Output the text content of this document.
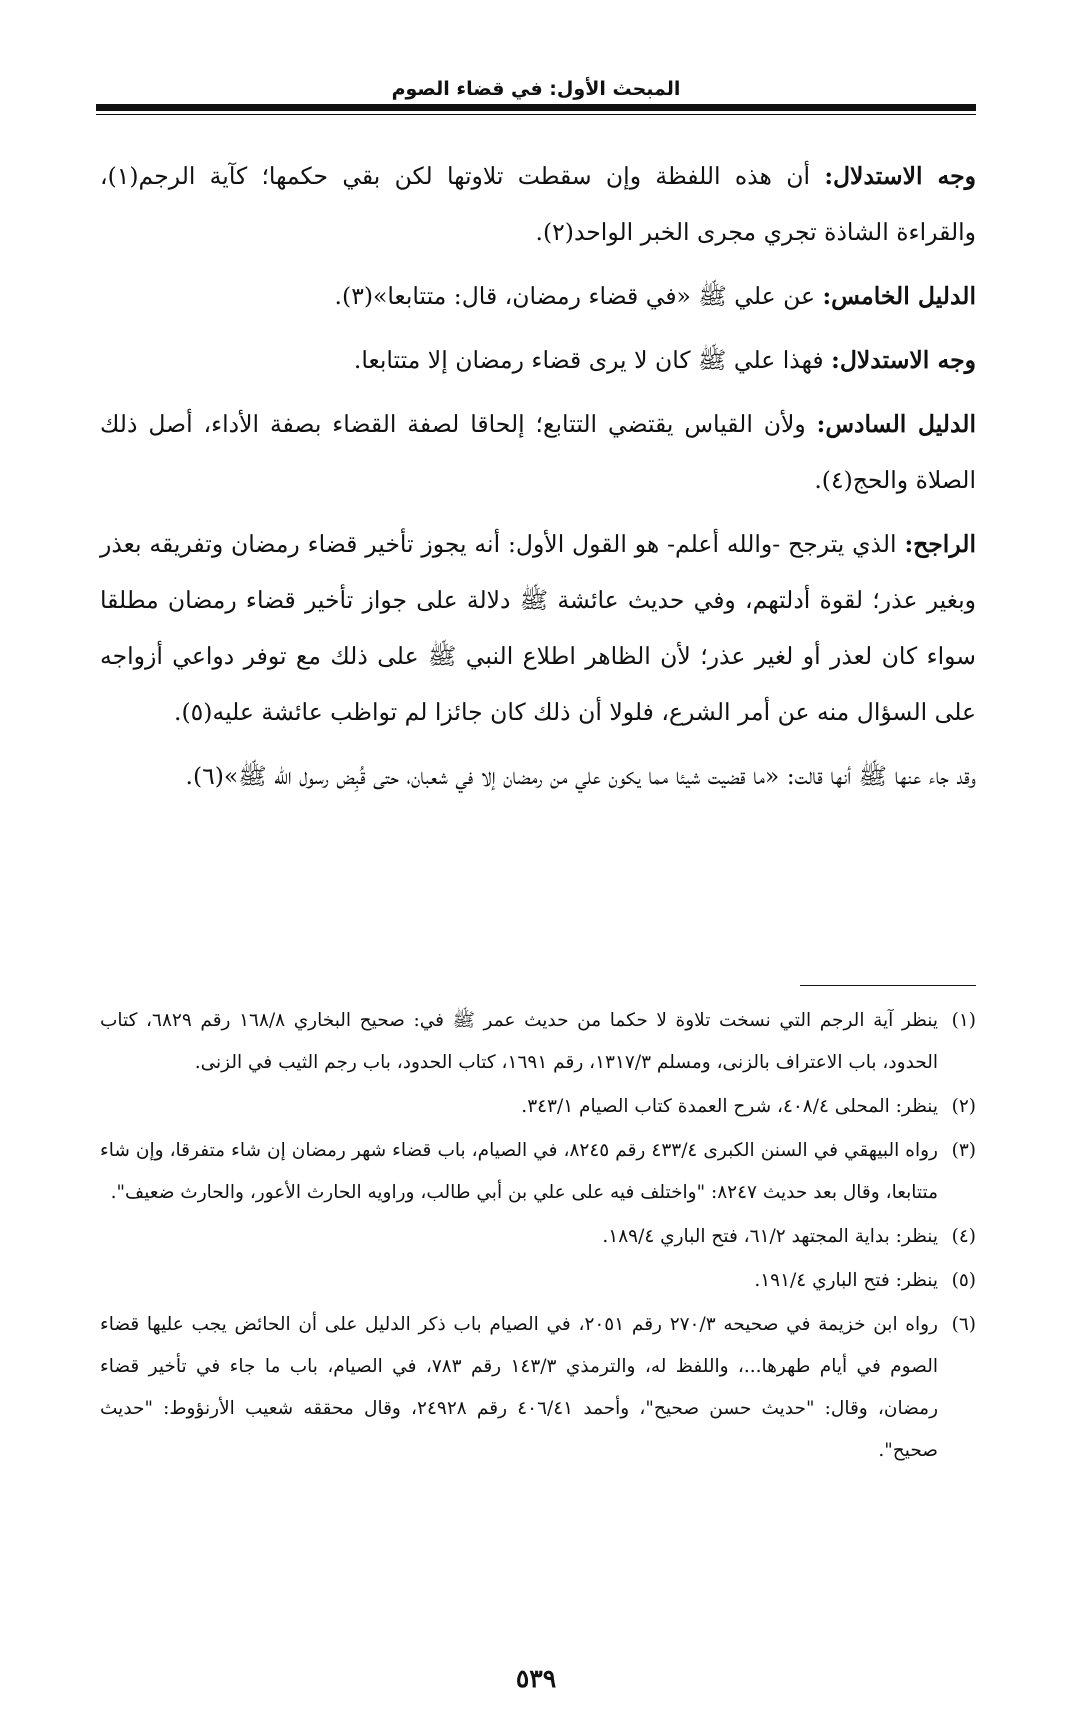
المبحث الأول: في قضاء الصوم

وجه الاستدلال: أن هذه اللفظة وإن سقطت تلاوتها لكن بقي حكمها؛ كآية الرجم(١)، والقراءة الشاذة تجري مجرى الخبر الواحد(٢).

الدليل الخامس: عن علي ﷺ «في قضاء رمضان، قال: متتابعا»(٣).

وجه الاستدلال: فهذا علي ﷺ كان لا يرى قضاء رمضان إلا متتابعا.

الدليل السادس: ولأن القياس يقتضي التتابع؛ إلحاقا لصفة القضاء بصفة الأداء، أصل ذلك الصلاة والحج(٤).

الراجح: الذي يترجح -والله أعلم- هو القول الأول: أنه يجوز تأخير قضاء رمضان وتفريقه بعذر وبغير عذر؛ لقوة أدلتهم، وفي حديث عائشة ﷺ دلالة على جواز تأخير قضاء رمضان مطلقا سواء كان لعذر أو لغير عذر؛ لأن الظاهر اطلاع النبي ﷺ على ذلك مع توفر دواعي أزواجه على السؤال منه عن أمر الشرع، فلولا أن ذلك كان جائزا لم تواظب عائشة عليه(٥).

وقد جاء عنها ﷺ أنها قالت: «ما قضيت شيئا مما يكون علي من رمضان إلا في شعبان، حتى قُبِض رسول الله ﷺ»(٦).

(١)
ينظر آية الرجم التي نسخت تلاوة لا حكما من حديث عمر ﷺ في: صحيح البخاري ١٦٨/٨ رقم ٦٨٢٩، كتاب الحدود، باب الاعتراف بالزنى، ومسلم ١٣١٧/٣، رقم ١٦٩١، كتاب الحدود، باب رجم الثيب في الزنى.
(٢)
ينظر: المحلى ٤٠٨/٤، شرح العمدة كتاب الصيام ٣٤٣/١.
(٣)
رواه البيهقي في السنن الكبرى ٤٣٣/٤ رقم ٨٢٤٥، في الصيام، باب قضاء شهر رمضان إن شاء متفرقا، وإن شاء متتابعا، وقال بعد حديث ٨٢٤٧: "واختلف فيه على علي بن أبي طالب، وراويه الحارث الأعور، والحارث ضعيف".
(٤)
ينظر: بداية المجتهد ٦١/٢، فتح الباري ١٨٩/٤.
(٥)
ينظر: فتح الباري ١٩١/٤.
(٦)
رواه ابن خزيمة في صحيحه ٢٧٠/٣ رقم ٢٠٥١، في الصيام باب ذكر الدليل على أن الحائض يجب عليها قضاء الصوم في أيام طهرها...، واللفظ له، والترمذي ١٤٣/٣ رقم ٧٨٣، في الصيام، باب ما جاء في تأخير قضاء رمضان، وقال: "حديث حسن صحيح"، وأحمد ٤٠٦/٤١ رقم ٢٤٩٢٨، وقال محققه شعيب الأرنؤوط: "حديث صحيح".
٥٣٩
